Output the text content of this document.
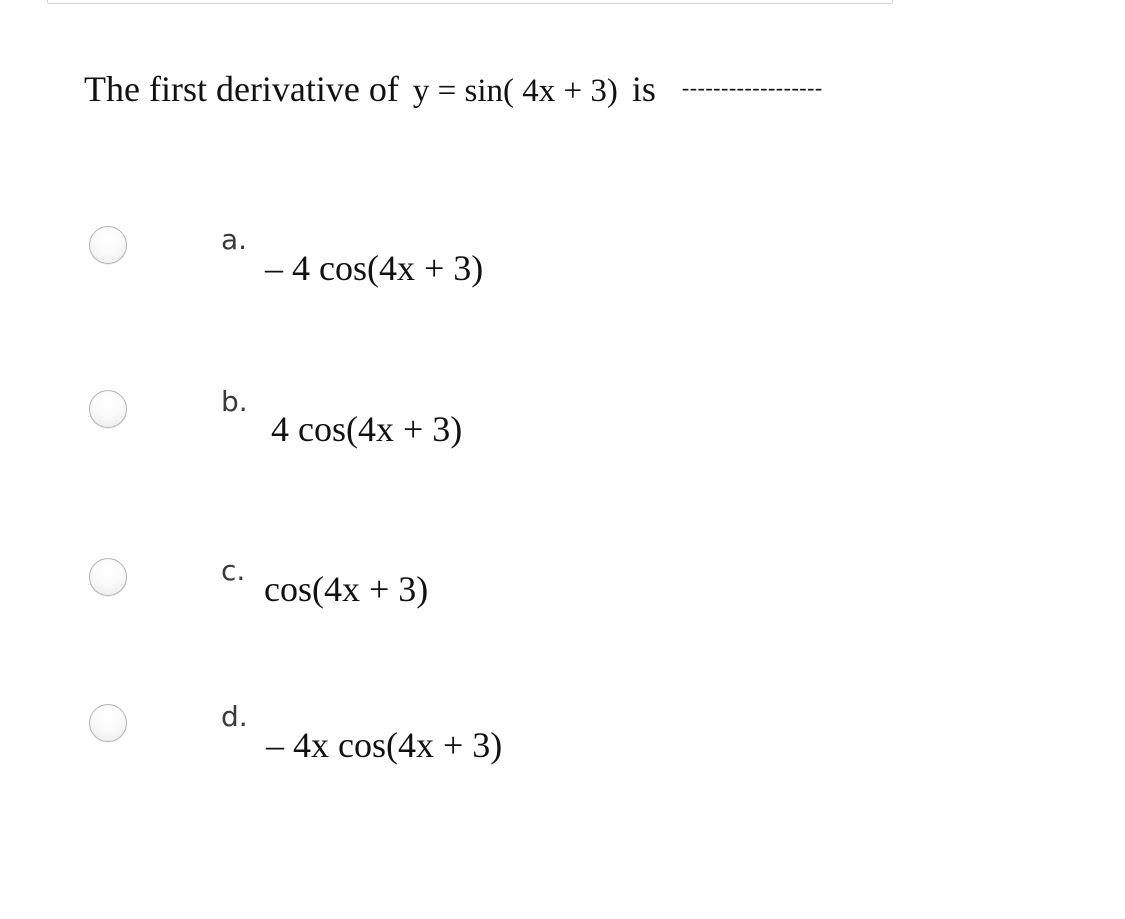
The first derivative of y = sin( 4x + 3) is ------------------
a.
– 4 cos(4x + 3)
b.
4 cos(4x + 3)
c. cos(4x + 3)
d.
– 4x cos(4x + 3)
